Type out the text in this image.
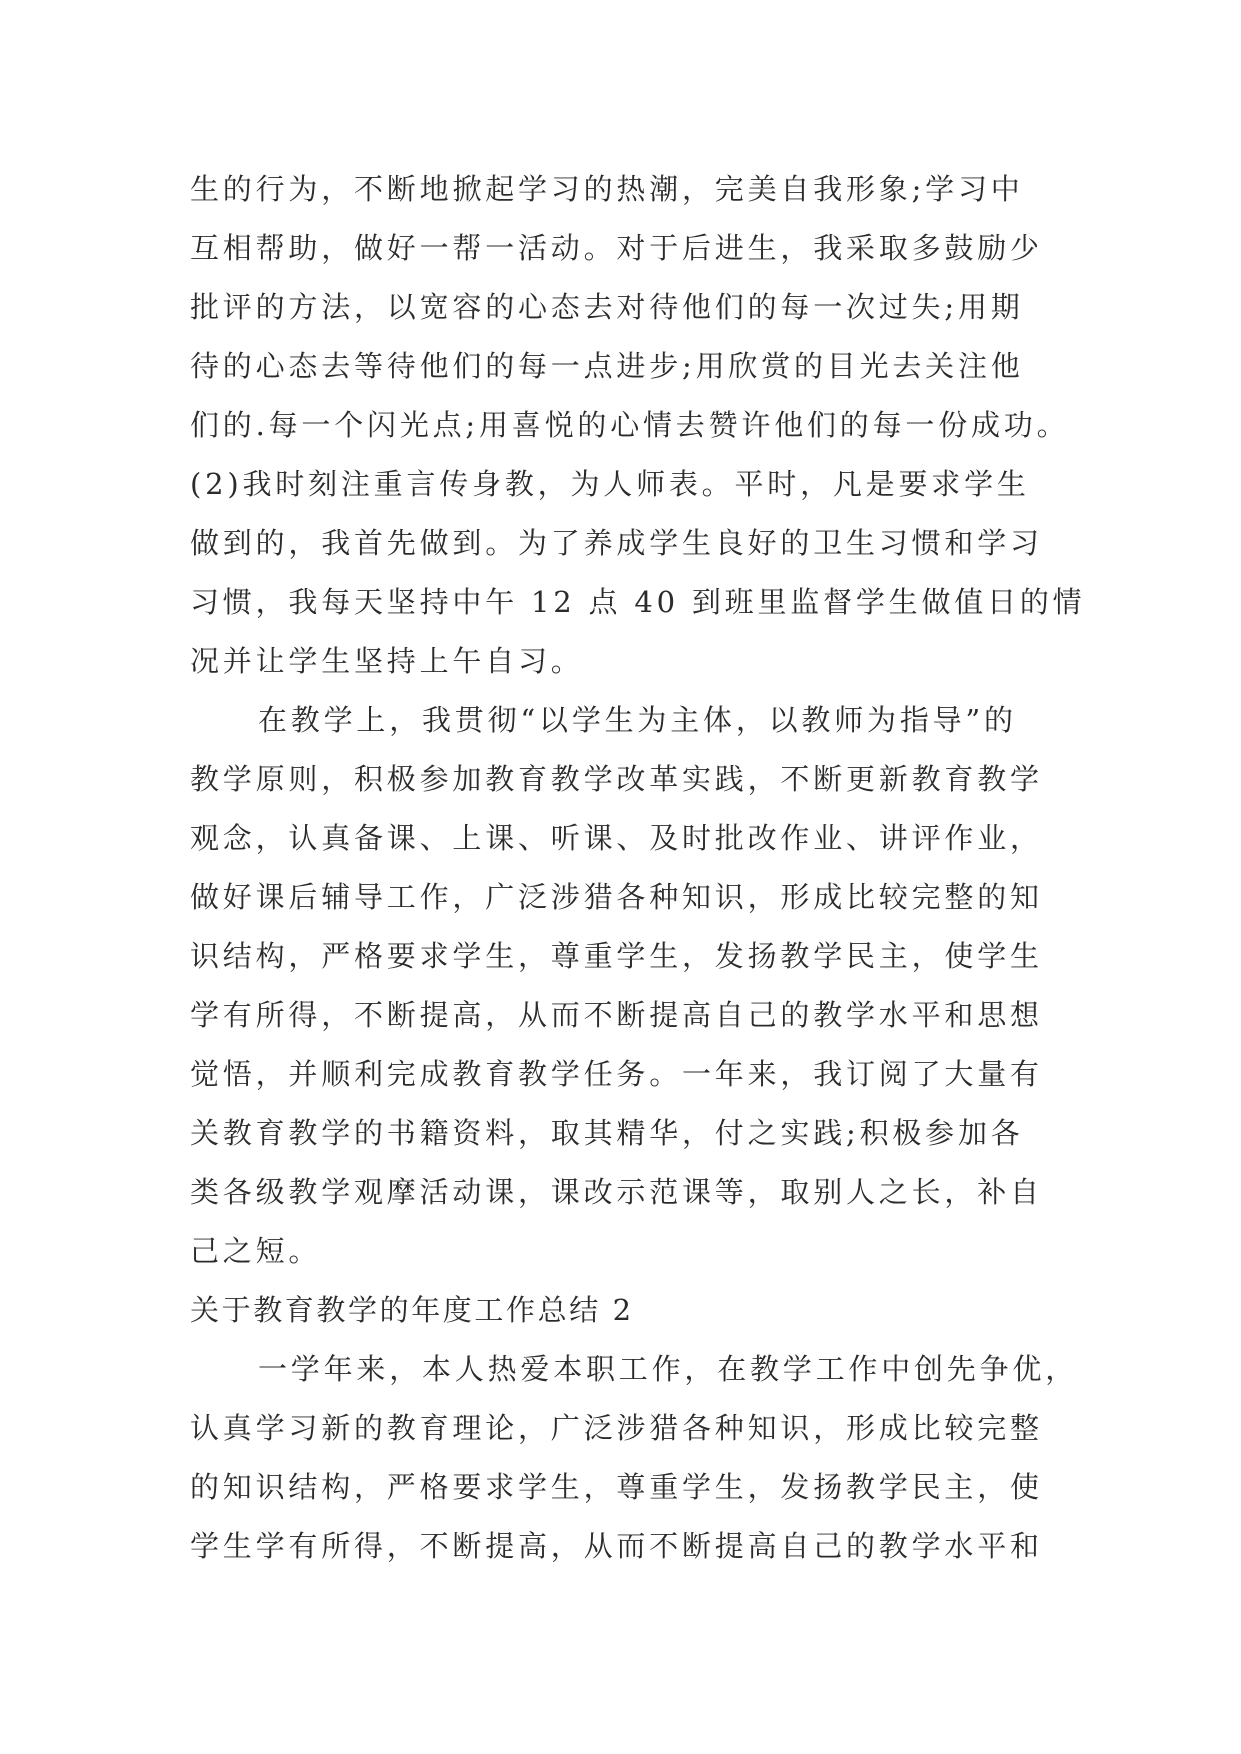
生的行为，不断地掀起学习的热潮，完美自我形象;学习中
互相帮助，做好一帮一活动。对于后进生，我采取多鼓励少
批评的方法，以宽容的心态去对待他们的每一次过失;用期
待的心态去等待他们的每一点进步;用欣赏的目光去关注他
们的.每一个闪光点;用喜悦的心情去赞许他们的每一份成功。
(2)我时刻注重言传身教，为人师表。平时，凡是要求学生
做到的，我首先做到。为了养成学生良好的卫生习惯和学习
习惯，我每天坚持中午 12 点 40 到班里监督学生做值日的情
况并让学生坚持上午自习。
在教学上，我贯彻“以学生为主体，以教师为指导”的
教学原则，积极参加教育教学改革实践，不断更新教育教学
观念，认真备课、上课、听课、及时批改作业、讲评作业，
做好课后辅导工作，广泛涉猎各种知识，形成比较完整的知
识结构，严格要求学生，尊重学生，发扬教学民主，使学生
学有所得，不断提高，从而不断提高自己的教学水平和思想
觉悟，并顺利完成教育教学任务。一年来，我订阅了大量有
关教育教学的书籍资料，取其精华，付之实践;积极参加各
类各级教学观摩活动课，课改示范课等，取别人之长，补自
己之短。
关于教育教学的年度工作总结 2
一学年来，本人热爱本职工作，在教学工作中创先争优，
认真学习新的教育理论，广泛涉猎各种知识，形成比较完整
的知识结构，严格要求学生，尊重学生，发扬教学民主，使
学生学有所得，不断提高，从而不断提高自己的教学水平和
